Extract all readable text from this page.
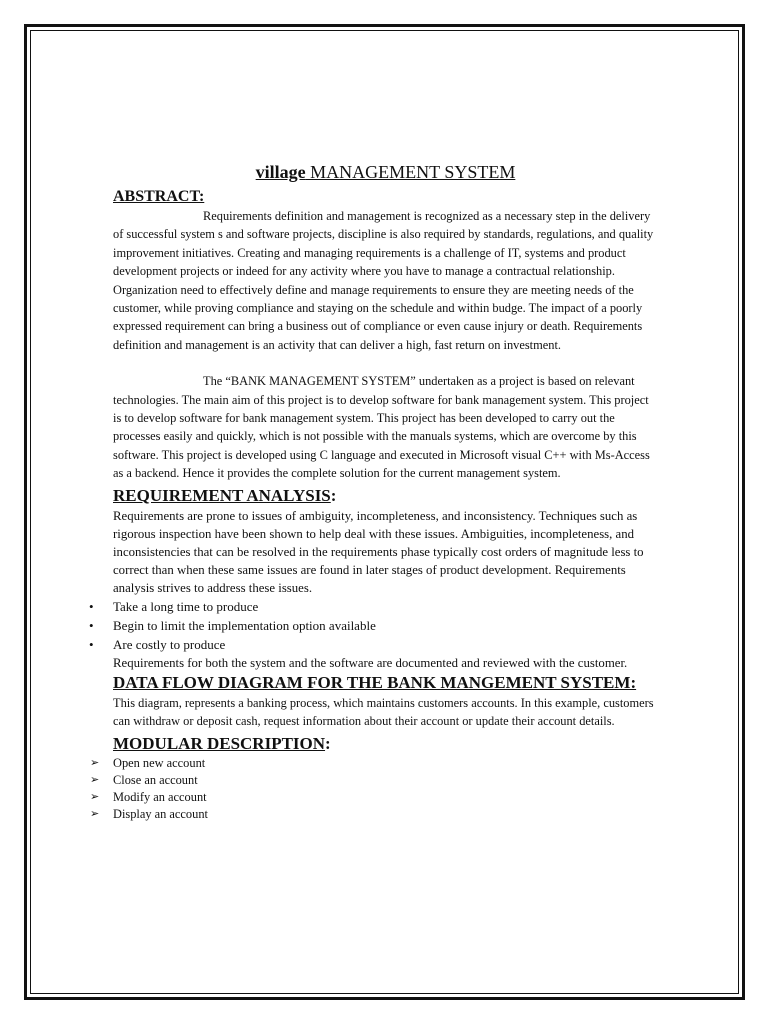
village MANAGEMENT SYSTEM
ABSTRACT:

Requirements definition and management is recognized as a necessary step in the delivery of successful system s and software projects, discipline is also required by standards, regulations, and quality improvement initiatives. Creating and managing requirements is a challenge of IT, systems and product development projects or indeed for any activity where you have to manage a contractual relationship. Organization need to effectively define and manage requirements to ensure they are meeting needs of the customer, while proving compliance and staying on the schedule and within budge. The impact of a poorly expressed requirement can bring a business out of compliance or even cause injury or death. Requirements definition and management is an activity that can deliver a high, fast return on investment.

The “BANK MANAGEMENT SYSTEM” undertaken as a project is based on relevant technologies. The main aim of this project is to develop software for bank management system. This project is to develop software for bank management system. This project has been developed to carry out the processes easily and quickly, which is not possible with the manuals systems, which are overcome by this software. This project is developed using C language and executed in Microsoft visual C++ with Ms-Access as a backend. Hence it provides the complete solution for the current management system.

REQUIREMENT ANALYSIS:

Requirements are prone to issues of ambiguity, incompleteness, and inconsistency. Techniques such as rigorous inspection have been shown to help deal with these issues. Ambiguities, incompleteness, and inconsistencies that can be resolved in the requirements phase typically cost orders of magnitude less to correct than when these same issues are found in later stages of product development. Requirements analysis strives to address these issues.

• Take a long time to produce
• Begin to limit the implementation option available
• Are costly to produce

Requirements for both the system and the software are documented and reviewed with the customer.

DATA FLOW DIAGRAM FOR THE BANK MANGEMENT SYSTEM:

This diagram, represents a banking process, which maintains customers accounts. In this example, customers can withdraw or deposit cash, request information about their account or update their account details.

MODULAR DESCRIPTION:
➢ Open new account
➢ Close an account
➢ Modify an account
➢ Display an account
